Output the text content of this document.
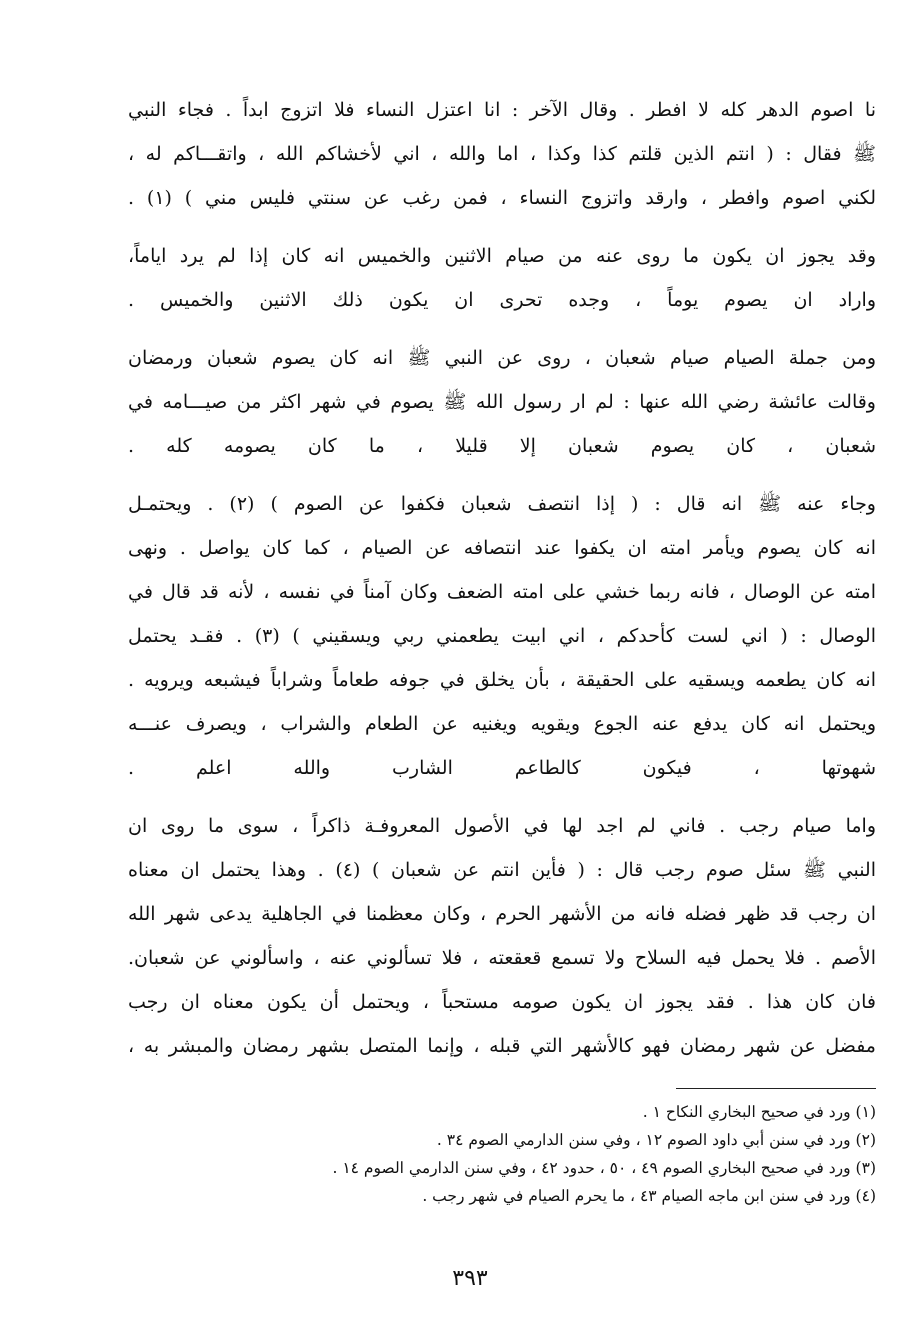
نا اصوم الدهر كله لا افطر . وقال الآخر : انا اعتزل النساء فلا اتزوج ابداً . فجاء النبي
ﷺ فقال : ( انتم الذين قلتم كذا وكذا ، اما والله ، اني لأخشاكم الله ، واتقـــاكم له ،
لكني اصوم وافطر ، وارقد واتزوج النساء ، فمن رغب عن سنتي فليس مني ) (١) .

وقد يجوز ان يكون ما روى عنه من صيام الاثنين والخميس انه كان إذا لم يرد اياماً،
واراد ان يصوم يوماً ، وجده تحرى ان يكون ذلك الاثنين والخميس .

ومن جملة الصيام صيام شعبان ، روى عن النبي ﷺ انه كان يصوم شعبان ورمضان
وقالت عائشة رضي الله عنها : لم ار رسول الله ﷺ يصوم في شهر اكثر من صيـــامه في
شعبان ، كان يصوم شعبان إلا قليلا ، ما كان يصومه كله .

وجاء عنه ﷺ انه قال : ( إذا انتصف شعبان فكفوا عن الصوم ) (٢) . ويحتمـل
انه كان يصوم ويأمر امته ان يكفوا عند انتصافه عن الصيام ، كما كان يواصل . ونهى
امته عن الوصال ، فانه ربما خشي على امته الضعف وكان آمناً في نفسه ، لأنه قد قال في
الوصال : ( اني لست كأحدكم ، اني ابيت يطعمني ربي ويسقيني ) (٣) . فقـد يحتمل
انه كان يطعمه ويسقيه على الحقيقة ، بأن يخلق في جوفه طعاماً وشراباً فيشبعه ويرويه .
ويحتمل انه كان يدفع عنه الجوع ويقويه ويغنيه عن الطعام والشراب ، ويصرف عنـــه
شهوتها ، فيكون كالطاعم الشارب والله اعلم .

واما صيام رجب . فاني لم اجد لها في الأصول المعروفـة ذاكراً ، سوى ما روى ان
النبي ﷺ سئل صوم رجب قال : ( فأين انتم عن شعبان ) (٤) . وهذا يحتمل ان معناه
ان رجب قد ظهر فضله فانه من الأشهر الحرم ، وكان معظمنا في الجاهلية يدعى شهر الله
الأصم . فلا يحمل فيه السلاح ولا تسمع قعقعته ، فلا تسألوني عنه ، واسألوني عن شعبان.
فان كان هذا . فقد يجوز ان يكون صومه مستحباً ، ويحتمل أن يكون معناه ان رجب
مفضل عن شهر رمضان فهو كالأشهر التي قبله ، وإنما المتصل بشهر رمضان والمبشر به ،

(١) ورد في صحيح البخاري النكاح ١ .
(٢) ورد في سنن أبي داود الصوم ١٢ ، وفي سنن الدارمي الصوم ٣٤ .
(٣) ورد في صحيح البخاري الصوم ٤٩ ، ٥٠ ، حدود ٤٢ ، وفي سنن الدارمي الصوم ١٤ .
(٤) ورد في سنن ابن ماجه الصيام ٤٣ ، ما يحرم الصيام في شهر رجب .
٣٩٣
